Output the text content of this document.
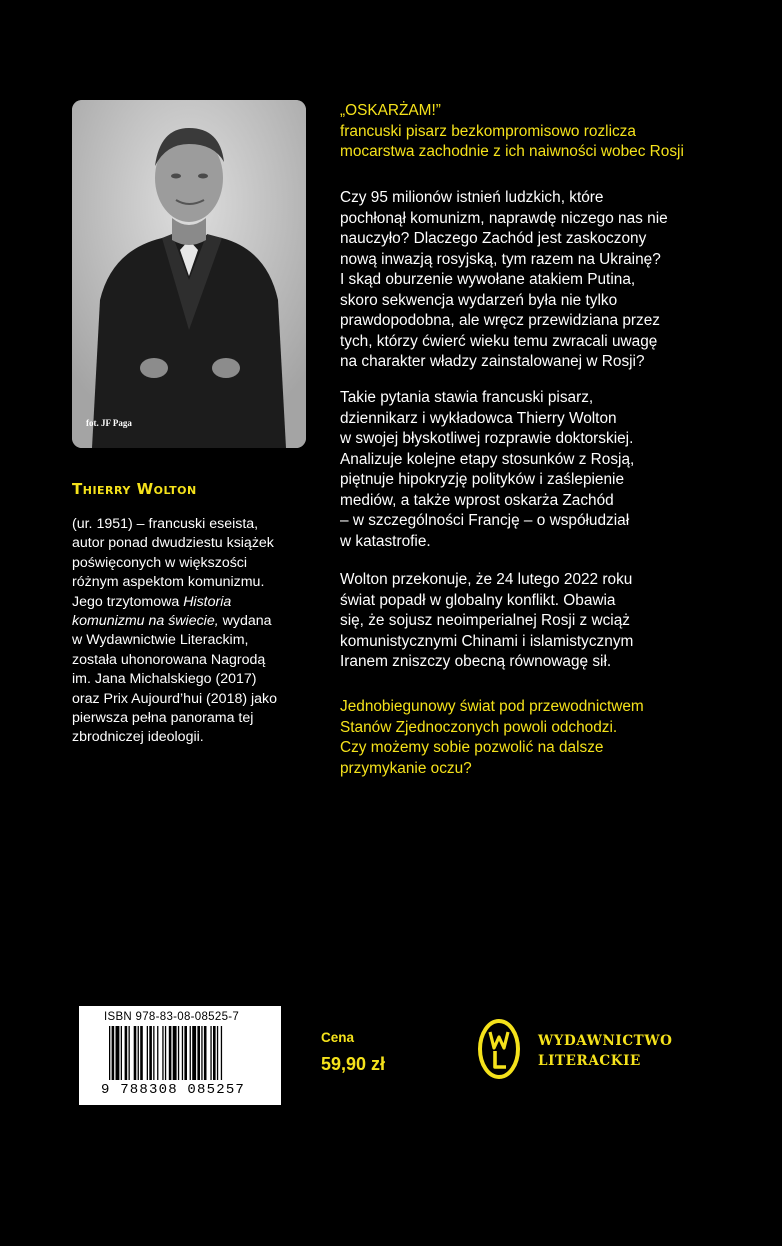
fot. JF Paga
Thierry Wolton
(ur. 1951) – francuski eseista,
autor ponad dwudziestu książek
poświęconych w większości
różnym aspektom komunizmu.
Jego trzytomowa Historia
komunizmu na świecie, wydana
w Wydawnictwie Literackim,
została uhonorowana Nagrodą
im. Jana Michalskiego (2017)
oraz Prix Aujourd’hui (2018) jako
pierwsza pełna panorama tej
zbrodniczej ideologii.
„OSKARŻAM!”
francuski pisarz bezkompromisowo rozlicza
mocarstwa zachodnie z ich naiwności wobec Rosji
Czy 95 milionów istnień ludzkich, które
pochłonął komunizm, naprawdę niczego nas nie
nauczyło? Dlaczego Zachód jest zaskoczony
nową inwazją rosyjską, tym razem na Ukrainę?
I skąd oburzenie wywołane atakiem Putina,
skoro sekwencja wydarzeń była nie tylko
prawdopodobna, ale wręcz przewidziana przez
tych, którzy ćwierć wieku temu zwracali uwagę
na charakter władzy zainstalowanej w Rosji?
Takie pytania stawia francuski pisarz,
dziennikarz i wykładowca Thierry Wolton
w swojej błyskotliwej rozprawie doktorskiej.
Analizuje kolejne etapy stosunków z Rosją,
piętnuje hipokryzję polityków i zaślepienie
mediów, a także wprost oskarża Zachód
– w szczególności Francję – o współudział
w katastrofie.
Wolton przekonuje, że 24 lutego 2022 roku
świat popadł w globalny konflikt. Obawia
się, że sojusz neoimperialnej Rosji z wciąż
komunistycznymi Chinami i islamistycznym
Iranem zniszczy obecną równowagę sił.
Jednobiegunowy świat pod przewodnictwem
Stanów Zjednoczonych powoli odchodzi.
Czy możemy sobie pozwolić na dalsze
przymykanie oczu?
ISBN 978-83-08-08525-7
9 788308 085257
Cena
59,90 zł
WYDAWNICTWO
LITERACKIE
